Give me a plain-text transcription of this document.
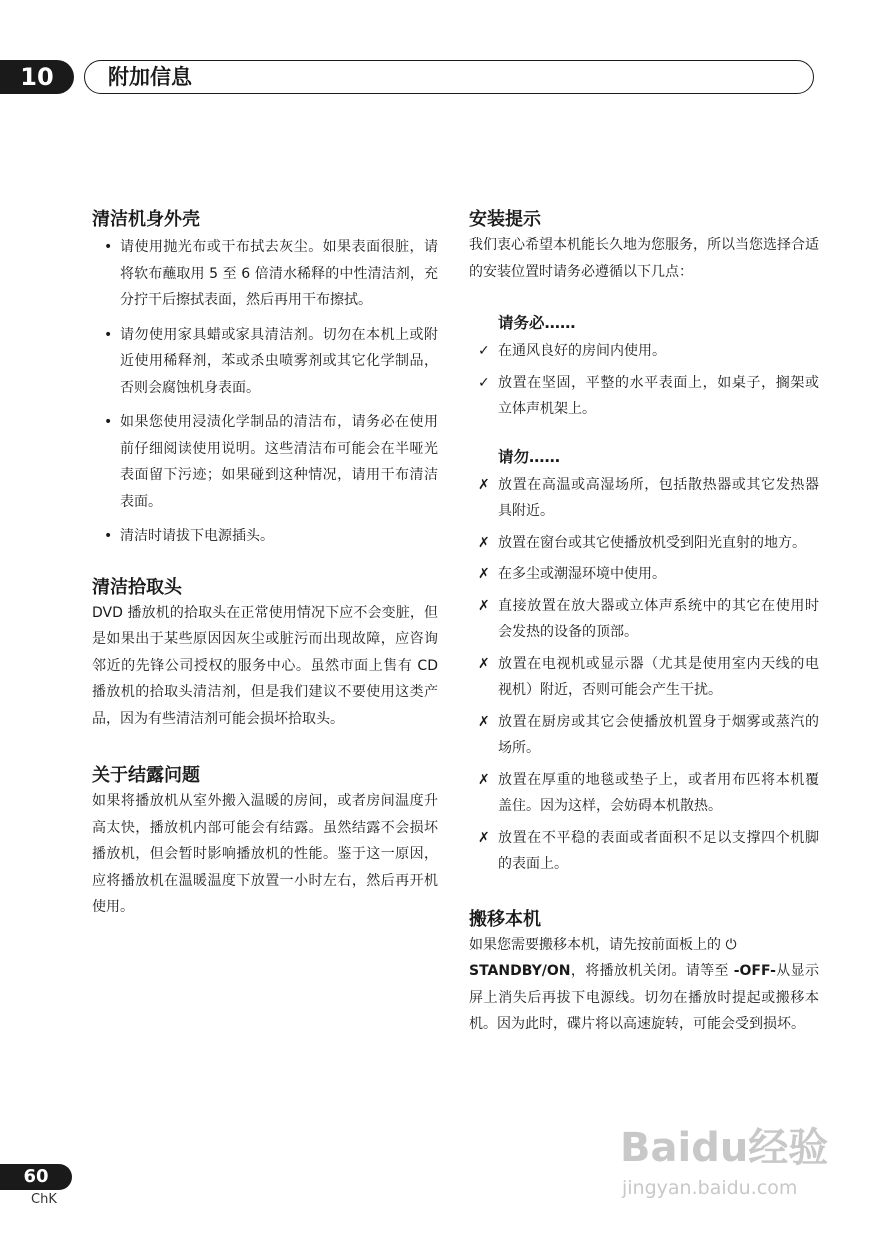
10	附加信息
清洁机身外壳
• 请使用抛光布或干布拭去灰尘。如果表面很脏，请将软布蘸取用 5 至 6 倍清水稀释的中性清洁剂，充分拧干后擦拭表面，然后再用干布擦拭。
• 请勿使用家具蜡或家具清洁剂。切勿在本机上或附近使用稀释剂，苯或杀虫喷雾剂或其它化学制品，否则会腐蚀机身表面。
• 如果您使用浸渍化学制品的清洁布，请务必在使用前仔细阅读使用说明。这些清洁布可能会在半哑光表面留下污迹；如果碰到这种情况，请用干布清洁表面。
• 清洁时请拔下电源插头。
清洁拾取头

DVD 播放机的拾取头在正常使用情况下应不会变脏，但是如果出于某些原因因灰尘或脏污而出现故障，应咨询邻近的先锋公司授权的服务中心。虽然市面上售有 CD 播放机的拾取头清洁剂，但是我们建议不要使用这类产品，因为有些清洁剂可能会损坏拾取头。

关于结露问题

如果将播放机从室外搬入温暖的房间，或者房间温度升高太快，播放机内部可能会有结露。虽然结露不会损坏播放机，但会暂时影响播放机的性能。鉴于这一原因，应将播放机在温暖温度下放置一小时左右，然后再开机使用。

安装提示

我们衷心希望本机能长久地为您服务，所以当您选择合适的安装位置时请务必遵循以下几点：

请务必……
✓ 在通风良好的房间内使用。
✓ 放置在坚固，平整的水平表面上，如桌子，搁架或立体声机架上。
请勿……
✗ 放置在高温或高湿场所，包括散热器或其它发热器具附近。
✗ 放置在窗台或其它使播放机受到阳光直射的地方。
✗ 在多尘或潮湿环境中使用。
✗ 直接放置在放大器或立体声系统中的其它在使用时会发热的设备的顶部。
✗ 放置在电视机或显示器（尤其是使用室内天线的电视机）附近，否则可能会产生干扰。
✗ 放置在厨房或其它会使播放机置身于烟雾或蒸汽的场所。
✗ 放置在厚重的地毯或垫子上，或者用布匹将本机覆盖住。因为这样，会妨碍本机散热。
✗ 放置在不平稳的表面或者面积不足以支撑四个机脚的表面上。
搬移本机

如果您需要搬移本机，请先按前面板上的 ⏻
STANDBY/ON，将播放机关闭。请等至 -OFF-从显示屏上消失后再拔下电源线。切勿在播放时提起或搬移本机。因为此时，碟片将以高速旋转，可能会受到损坏。

60
ChK
Baidu经验
jingyan.baidu.com
